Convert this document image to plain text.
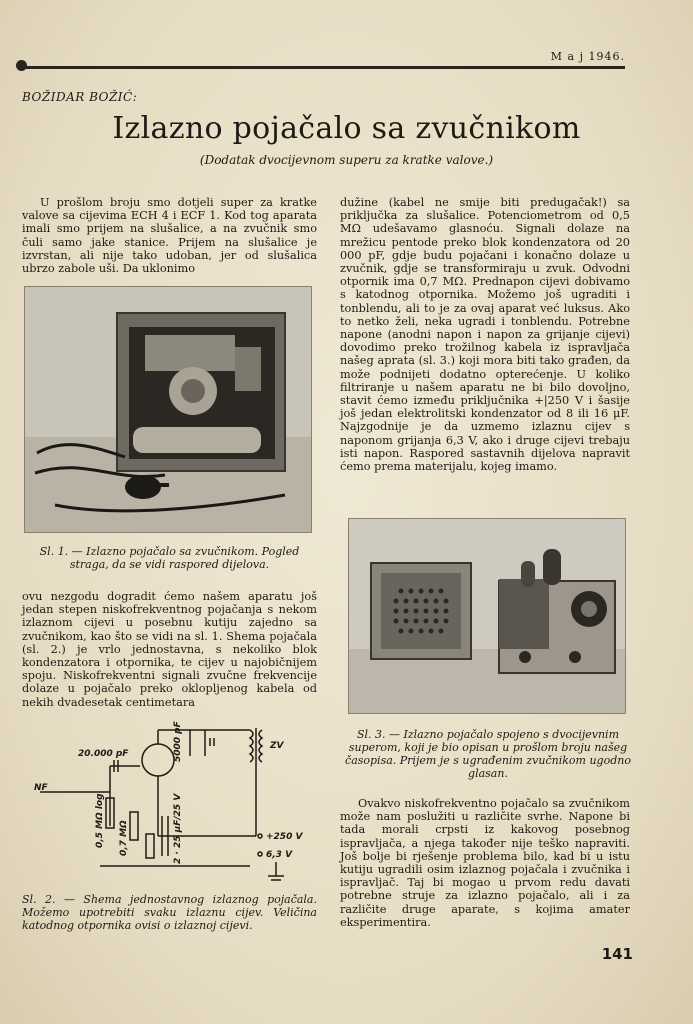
M a j 1946.
BOŽIDAR BOŽIĆ:
Izlazno pojačalo sa zvučnikom
(Dodatak dvocijevnom superu za kratke valove.)

U prošlom broju smo dotjeli super za kratke valove sa cijevima ECH 4 i ECF 1. Kod tog aparata imali smo prijem na slušalice, a na zvučnik smo čuli samo jake stanice. Prijem na slušalice je izvrstan, ali nije tako udoban, jer od slušalica ubrzo zabole uši. Da uklonimo

Sl. 1. — Izlazno pojačalo sa zvučnikom. Pogled straga, da se vidi raspored dijelova.

ovu nezgodu dogradit ćemo našem aparatu još jedan stepen niskofrekventnog pojačanja s nekom izlaznom cijevi u posebnu kutiju zajedno sa zvučnikom, kao što se vidi na sl. 1. Shema pojačala (sl. 2.) je vrlo jednostavna, s nekoliko blok kondenzatora i otpornika, te cijev u najobičnijem spoju. Niskofrekventni signali zvučne frekvencije dolaze u pojačalo preko oklopljenog kabela od nekih dvadesetak centimetara

20.000 pF	5000 pF
NF
0,5 MΩ log 0,7 MΩ	2 · 25 μF/25 V
ZV
+250 V
6,3 V
Sl. 2. — Shema jednostavnog izlaznog pojačala. Možemo upotrebiti svaku izlaznu cijev. Veličina katodnog otpornika ovisi o izlaznoj cijevi.

dužine (kabel ne smije biti predugačak!) sa priključka za slušalice. Potenciometrom od 0,5 MΩ udešavamo glasnoću. Signali dolaze na mrežicu pentode preko blok kondenzatora od 20 000 pF, gdje budu pojačani i konačno dolaze u zvučnik, gdje se transformiraju u zvuk. Odvodni otpornik ima 0,7 MΩ. Prednapon cijevi dobivamo s katodnog otpornika. Možemo još ugraditi i tonblendu, ali to je za ovaj aparat već luksus. Ako to netko želi, neka ugradi i tonblendu. Potrebne napone (anodni napon i napon za grijanje cijevi) dovodimo preko trožilnog kabela iz ispravljača našeg aprata (sl. 3.) koji mora biti tako građen, da može podnijeti dodatno opterećenje. U koliko filtriranje u našem aparatu ne bi bilo dovoljno, stavit ćemo između priključnika +|250 V i šasije još jedan elektrolitski kondenzator od 8 ili 16 μF. Najzgodnije je da uzmemo izlaznu cijev s naponom grijanja 6,3 V, ako i druge cijevi trebaju isti napon. Raspored sastavnih dijelova napravit ćemo prema materijalu, kojeg imamo.

Sl. 3. — Izlazno pojačalo spojeno s dvocijevnim superom, koji je bio opisan u prošlom broju našeg časopisa. Prijem je s ugrađenim zvučnikom ugodno glasan.

Ovakvo niskofrekventno pojačalo sa zvučnikom može nam poslužiti u različite svrhe. Napone bi tada morali crpsti iz kakovog posebnog ispravljača, a njega također nije teško napraviti. Još bolje bi rješenje problema bilo, kad bi u istu kutiju ugradili osim izlaznog pojačala i zvučnika i ispravljač. Taj bi mogao u prvom redu davati potrebne struje za izlazno pojačalo, ali i za različite druge aparate, s kojima amater eksperimentira.

141
